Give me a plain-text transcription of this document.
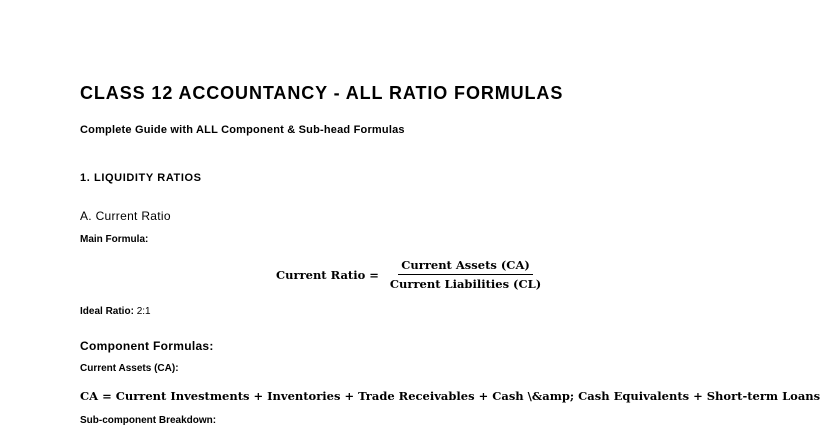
CLASS 12 ACCOUNTANCY - ALL RATIO FORMULAS
Complete Guide with ALL Component & Sub-head Formulas
1. LIQUIDITY RATIOS
A. Current Ratio
Main Formula:
Current Ratio = $\frac{\text{Current Assets (CA)}}{\text{Current Liabilities (CL)}}$
Ideal Ratio: 2:1
Component Formulas:
Current Assets (CA):
CA = Current Investments + Inventories + Trade Receivables + Cash \&amp; Cash Equivalents + Short-term Loans
Sub-component Breakdown:
